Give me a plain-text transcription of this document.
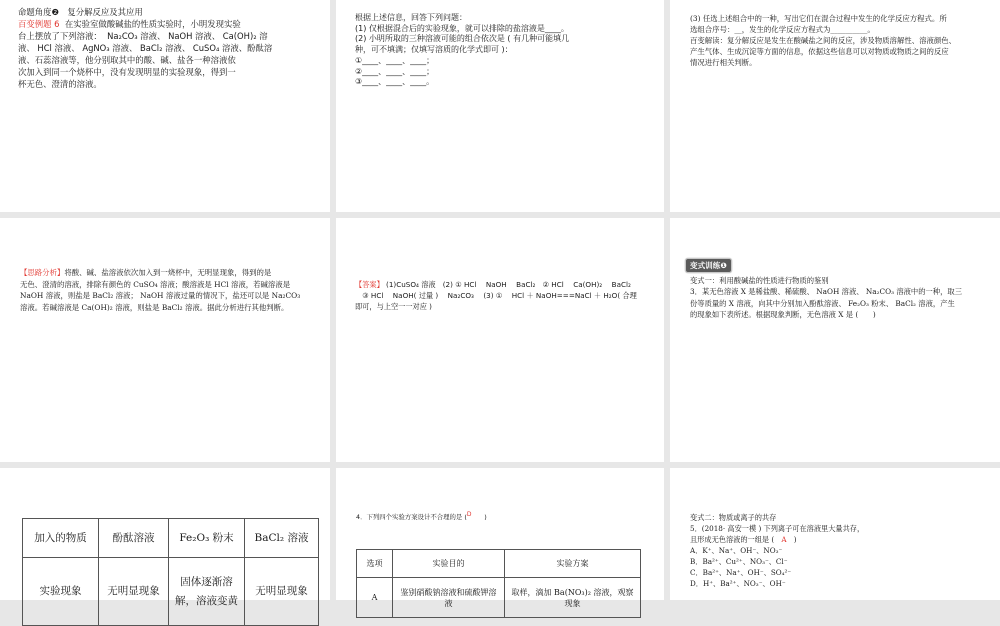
命题角度❷　复分解反应及其应用
百变例题 6  在实验室做酸碱盐的性质实验时，小明发现实验
台上摆放了下列溶液：  Na₂CO₃ 溶液、 NaOH 溶液、 Ca(OH)₂ 溶
液、 HCl 溶液、 AgNO₃ 溶液、 BaCl₂ 溶液、 CuSO₄ 溶液、酚酞溶
液、石蕊溶液等，他分别取其中的酸、碱、盐各一种溶液依
次加入到同一个烧杯中，没有发现明显的实验现象，得到一
杯无色、澄清的溶液。
根据上述信息，回答下列问题：
(1) 仅根据混合后的实验现象，就可以排除的盐溶液是____。
(2) 小明所取的三种溶液可能的组合依次是 ( 有几种可能填几
种，可不填满；仅填写溶质的化学式即可 )：
①____、____、____；
②____、____、____；
③____、____、____。
(3) 任选上述组合中的一种，写出它们在混合过程中发生的化学反应方程式。所
选组合序号：__，发生的化学反应方程式为__________。
百变解读：复分解反应是发生在酸碱盐之间的反应，涉及物质溶解性、溶液颜色、
产生气体、生成沉淀等方面的信息，依据这些信息可以对物质或物质之间的反应
情况进行相关判断。
【思路分析】将酸、碱、盐溶液依次加入到一烧杯中，无明显现象，得到的是
无色、澄清的溶液，排除有颜色的 CuSO₄ 溶液；酸溶液是 HCl 溶液，若碱溶液是
NaOH 溶液，则盐是 BaCl₂ 溶液； NaOH 溶液过量的情况下，盐还可以是 Na₂CO₃
溶液。若碱溶液是 Ca(OH)₂ 溶液，则盐是 BaCl₂ 溶液。据此分析进行其他判断。
【答案】 (1)CuSO₄ 溶液　(2) ① HCl　 NaOH　 BaCl₂　② HCl　 Ca(OH)₂　 BaCl₂
　③ HCl　 NaOH( 过量 )　 Na₂CO₃　 (3) ①　 HCl ＋ NaOH===NaCl ＋ H₂O( 合理
即可，与上空一一对应 )
变式训练❶
变式一：利用酸碱盐的性质进行物质的鉴别
3．某无色溶液 X 是稀盐酸、稀硫酸、 NaOH 溶液、 Na₂CO₃ 溶液中的一种，取三
份等质量的 X 溶液，向其中分别加入酚酞溶液、 Fe₂O₃ 粉末、 BaCl₂ 溶液，产生
的现象如下表所述。根据现象判断，无色溶液 X 是 (　　)
加入的物质	酚酞溶液	Fe₂O₃ 粉末	BaCl₂ 溶液
实验现象	无明显现象	固体逐渐溶解，溶液变黄	无明显现象
4．下列四个实验方案设计不合理的是 (D　　)
选项	实验目的	实验方案
A	鉴别硝酸钠溶液和硫酸钾溶液	取样，滴加 Ba(NO₃)₂ 溶液，观察现象
变式二：物质或离子的共存
5．(2018· 高安一模 ) 下列离子可在溶液里大量共存，
且形成无色溶液的一组是 (　A　)
A．K⁺、Na⁺、OH⁻、NO₃⁻
B．Ba²⁺、Cu²⁺、NO₃⁻、Cl⁻
C．Ba²⁺、Na⁺、OH⁻、SO₄²⁻
D．H⁺、Ba²⁺、NO₃⁻、OH⁻
